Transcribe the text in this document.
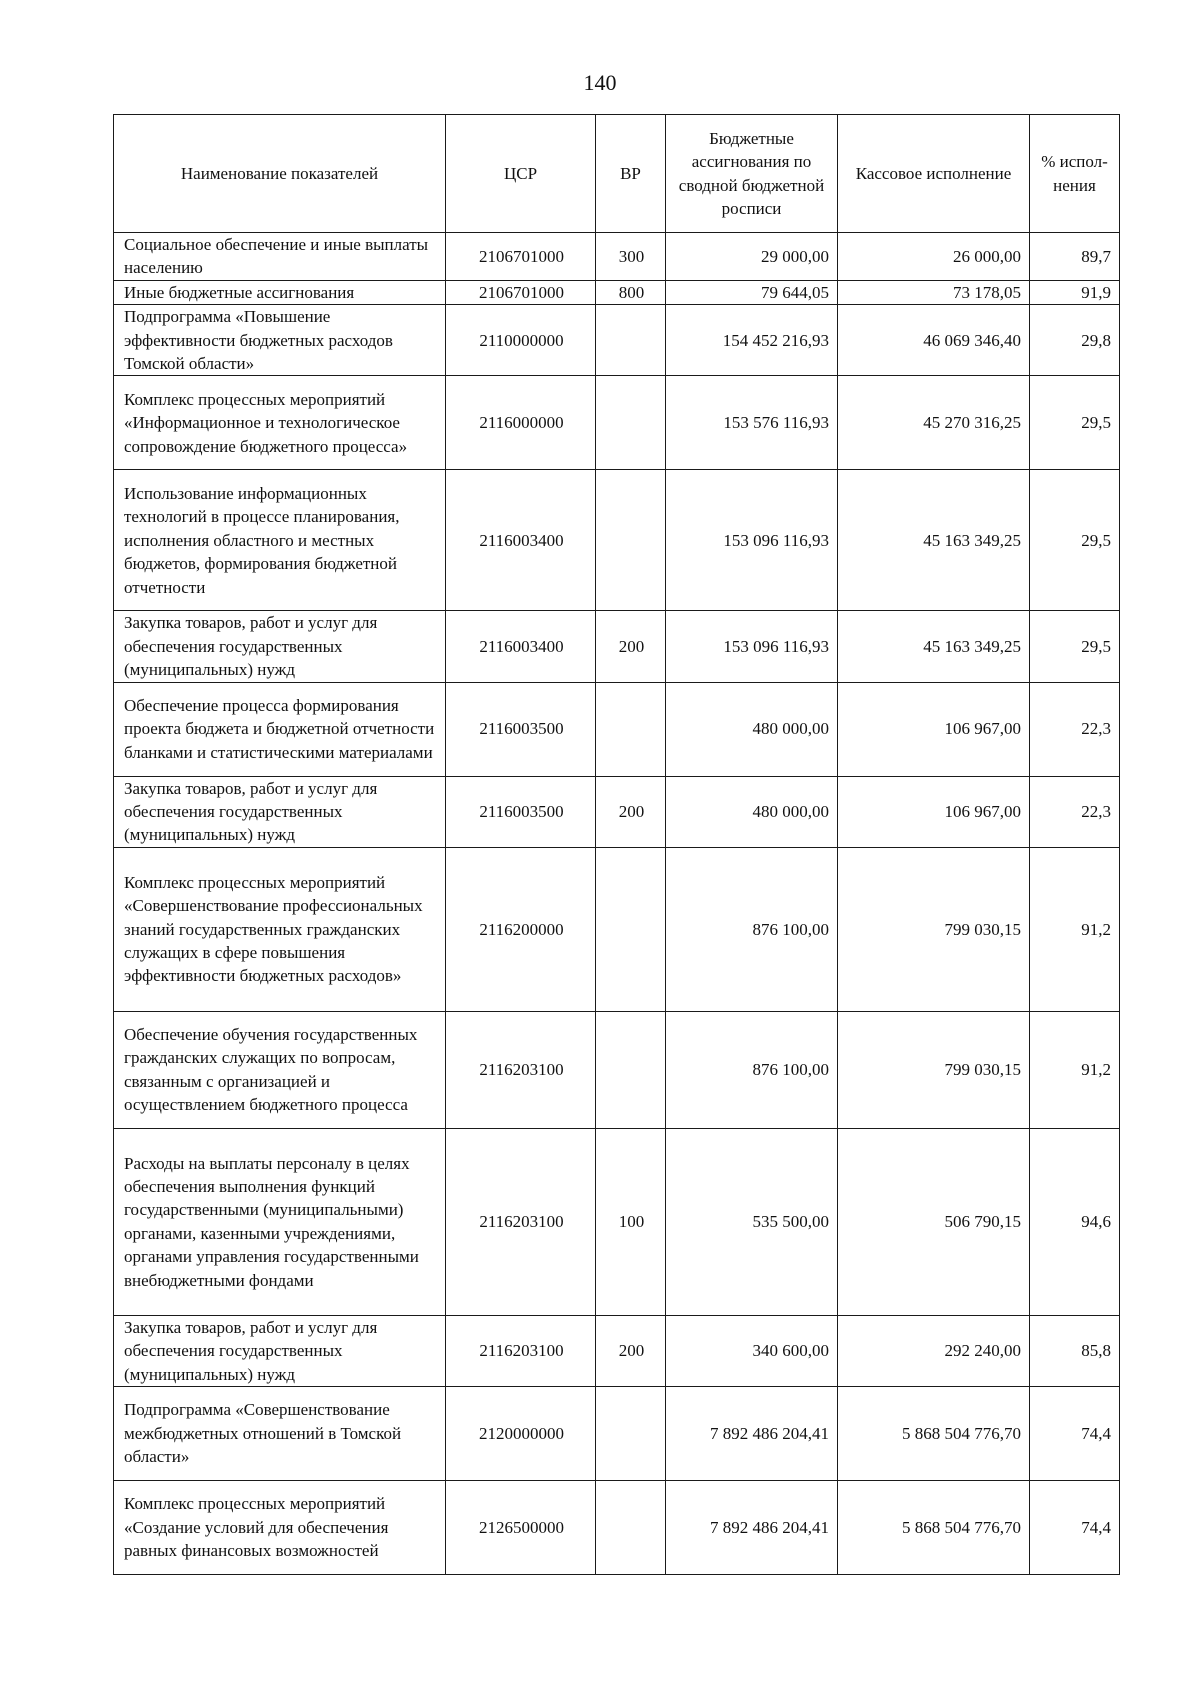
140
Наименование показателей	ЦСР	ВР	Бюджетные ассигнования по сводной бюджетной росписи	Кассовое исполнение	% испол-нения
Социальное обеспечение и иные выплаты населению	2106701000	300	29 000,00	26 000,00	89,7
Иные бюджетные ассигнования	2106701000	800	79 644,05	73 178,05	91,9
Подпрограмма «Повышение эффективности бюджетных расходов Томской области»	2110000000		154 452 216,93	46 069 346,40	29,8
Комплекс процессных мероприятий «Информационное и технологическое сопровождение бюджетного процесса»	2116000000		153 576 116,93	45 270 316,25	29,5
Использование информационных технологий в процессе планирования, исполнения областного и местных бюджетов, формирования бюджетной отчетности	2116003400		153 096 116,93	45 163 349,25	29,5
Закупка товаров, работ и услуг для обеспечения государственных (муниципальных) нужд	2116003400	200	153 096 116,93	45 163 349,25	29,5
Обеспечение процесса формирования проекта бюджета и бюджетной отчетности бланками и статистическими материалами	2116003500		480 000,00	106 967,00	22,3
Закупка товаров, работ и услуг для обеспечения государственных (муниципальных) нужд	2116003500	200	480 000,00	106 967,00	22,3
Комплекс процессных мероприятий «Совершенствование профессиональных знаний государственных гражданских служащих в сфере повышения эффективности бюджетных расходов»	2116200000		876 100,00	799 030,15	91,2
Обеспечение обучения государственных гражданских служащих по вопросам, связанным с организацией и осуществлением бюджетного процесса	2116203100		876 100,00	799 030,15	91,2
Расходы на выплаты персоналу в целях обеспечения выполнения функций государственными (муниципальными) органами, казенными учреждениями, органами управления государственными внебюджетными фондами	2116203100	100	535 500,00	506 790,15	94,6
Закупка товаров, работ и услуг для обеспечения государственных (муниципальных) нужд	2116203100	200	340 600,00	292 240,00	85,8
Подпрограмма «Совершенствование межбюджетных отношений в Томской области»	2120000000		7 892 486 204,41	5 868 504 776,70	74,4
Комплекс процессных мероприятий «Создание условий для обеспечения равных финансовых возможностей	2126500000		7 892 486 204,41	5 868 504 776,70	74,4
